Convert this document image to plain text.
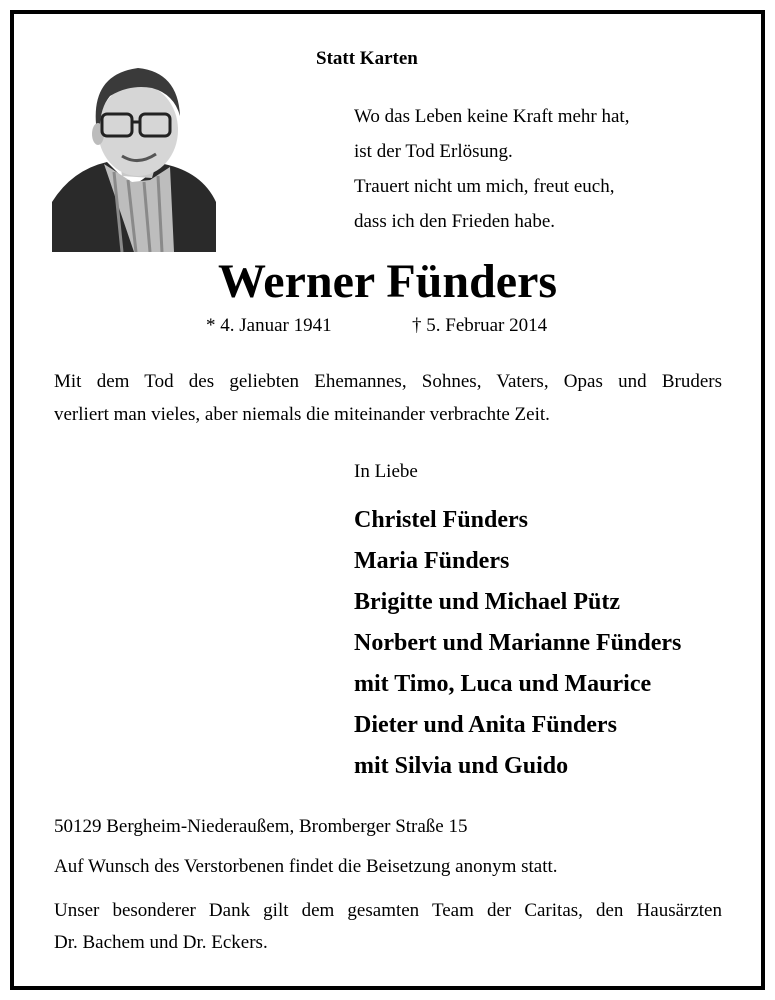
Statt Karten
Wo das Leben keine Kraft mehr hat,
ist der Tod Erlösung.
Trauert nicht um mich, freut euch,
dass ich den Frieden habe.
Werner Fünders
* 4. Januar 1941	† 5. Februar 2014
Mit dem Tod des geliebten Ehemannes, Sohnes, Vaters, Opas und Bruders
verliert man vieles, aber niemals die miteinander verbrachte Zeit.
In Liebe
Christel Fünders
Maria Fünders
Brigitte und Michael Pütz
Norbert und Marianne Fünders
mit Timo, Luca und Maurice
Dieter und Anita Fünders
mit Silvia und Guido
50129 Bergheim-Niederaußem, Bromberger Straße 15
Auf Wunsch des Verstorbenen findet die Beisetzung anonym statt.
Unser besonderer Dank gilt dem gesamten Team der Caritas, den Hausärzten
Dr. Bachem und Dr. Eckers.
